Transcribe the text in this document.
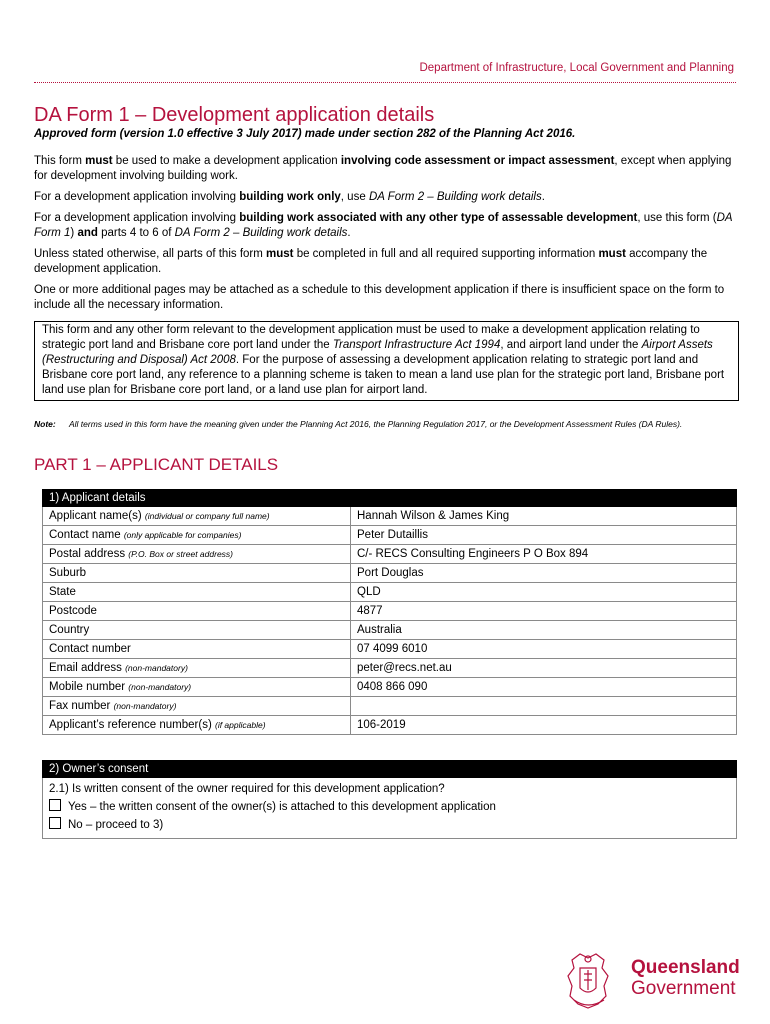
Department of Infrastructure, Local Government and Planning
DA Form 1 – Development application details
Approved form (version 1.0 effective 3 July 2017) made under section 282 of the Planning Act 2016.

This form must be used to make a development application involving code assessment or impact assessment, except when applying for development involving building work.

For a development application involving building work only, use DA Form 2 – Building work details.

For a development application involving building work associated with any other type of assessable development, use this form (DA Form 1) and parts 4 to 6 of DA Form 2 – Building work details.

Unless stated otherwise, all parts of this form must be completed in full and all required supporting information must accompany the development application.

One or more additional pages may be attached as a schedule to this development application if there is insufficient space on the form to include all the necessary information.

This form and any other form relevant to the development application must be used to make a development application relating to strategic port land and Brisbane core port land under the Transport Infrastructure Act 1994, and airport land under the Airport Assets (Restructuring and Disposal) Act 2008. For the purpose of assessing a development application relating to strategic port land and Brisbane core port land, any reference to a planning scheme is taken to mean a land use plan for the strategic port land, Brisbane port land use plan for Brisbane core port land, or a land use plan for airport land.
Note: All terms used in this form have the meaning given under the Planning Act 2016, the Planning Regulation 2017, or the Development Assessment Rules (DA Rules).
PART 1 – APPLICANT DETAILS
1) Applicant details	
Applicant name(s) (individual or company full name)	Hannah Wilson & James King
Contact name (only applicable for companies)	Peter Dutaillis
Postal address (P.O. Box or street address)	C/- RECS Consulting Engineers P O Box 894
Suburb	Port Douglas
State	QLD
Postcode	4877
Country	Australia
Contact number	07 4099 6010
Email address (non-mandatory)	peter@recs.net.au
Mobile number (non-mandatory)	0408 866 090
Fax number (non-mandatory)	
Applicant’s reference number(s) (if applicable)	106-2019
2) Owner’s consent

2.1) Is written consent of the owner required for this development application?
Yes – the written consent of the owner(s) is attached to this development application
No – proceed to 3)
Queensland
Government
